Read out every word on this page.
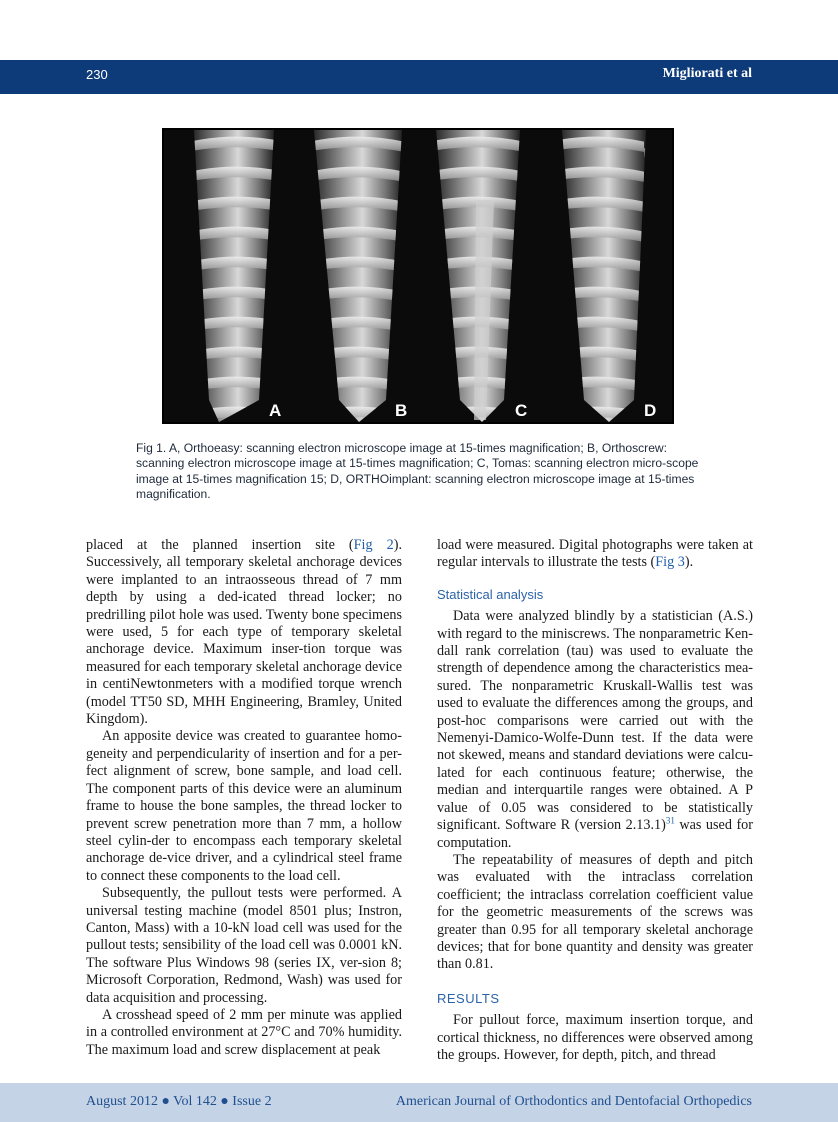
230	Migliorati et al
A	B	C	D
Fig 1. A, Orthoeasy: scanning electron microscope image at 15-times magnification; B, Orthoscrew: scanning electron microscope image at 15-times magnification; C, Tomas: scanning electron micro-scope image at 15-times magnification 15; D, ORTHOimplant: scanning electron microscope image at 15-times magnification.

placed at the planned insertion site (Fig 2). Successively, all temporary skeletal anchorage devices were implanted to an intraosseous thread of 7 mm depth by using a ded-icated thread locker; no predrilling pilot hole was used. Twenty bone specimens were used, 5 for each type of temporary skeletal anchorage device. Maximum inser-tion torque was measured for each temporary skeletal anchorage device in centiNewtonmeters with a modified torque wrench (model TT50 SD, MHH Engineering, Bramley, United Kingdom).

An apposite device was created to guarantee homo-geneity and perpendicularity of insertion and for a per-fect alignment of screw, bone sample, and load cell. The component parts of this device were an aluminum frame to house the bone samples, the thread locker to prevent screw penetration more than 7 mm, a hollow steel cylin-der to encompass each temporary skeletal anchorage de-vice driver, and a cylindrical steel frame to connect these components to the load cell.

Subsequently, the pullout tests were performed. A universal testing machine (model 8501 plus; Instron, Canton, Mass) with a 10-kN load cell was used for the pullout tests; sensibility of the load cell was 0.0001 kN. The software Plus Windows 98 (series IX, ver-sion 8; Microsoft Corporation, Redmond, Wash) was used for data acquisition and processing.

A crosshead speed of 2 mm per minute was applied in a controlled environment at 27°C and 70% humidity. The maximum load and screw displacement at peak

load were measured. Digital photographs were taken at regular intervals to illustrate the tests (Fig 3).

Statistical analysis

Data were analyzed blindly by a statistician (A.S.) with regard to the miniscrews. The nonparametric Ken-dall rank correlation (tau) was used to evaluate the strength of dependence among the characteristics mea-sured. The nonparametric Kruskall-Wallis test was used to evaluate the differences among the groups, and post-hoc comparisons were carried out with the Nemenyi-Damico-Wolfe-Dunn test. If the data were not skewed, means and standard deviations were calcu-lated for each continuous feature; otherwise, the median and interquartile ranges were obtained. A P value of 0.05 was considered to be statistically significant. Software R (version 2.13.1)$^{31}$ was used for computation.

The repeatability of measures of depth and pitch was evaluated with the intraclass correlation coefficient; the intraclass correlation coefficient value for the geometric measurements of the screws was greater than 0.95 for all temporary skeletal anchorage devices; that for bone quantity and density was greater than 0.81.

RESULTS

For pullout force, maximum insertion torque, and cortical thickness, no differences were observed among the groups. However, for depth, pitch, and thread

August 2012 ● Vol 142 ● Issue 2	American Journal of Orthodontics and Dentofacial Orthopedics
